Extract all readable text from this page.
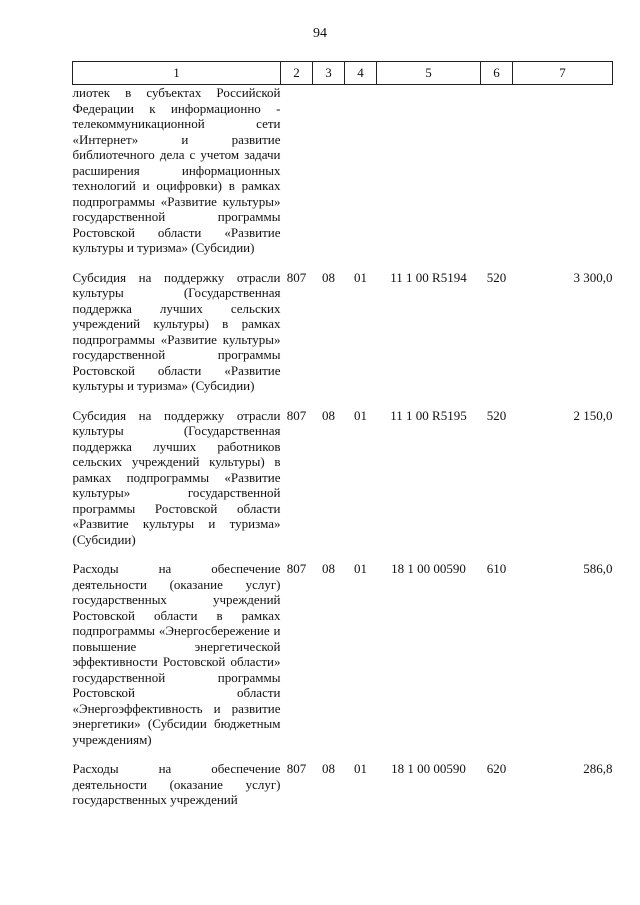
94
1	2	3	4	5	6	7
лиотек в субъектах Российской Федерации к информационно - телекоммуникационной сети «Интернет» и развитие библиотечного дела с учетом задачи расширения информационных технологий и оцифровки) в рамках подпрограммы «Развитие культуры» государственной программы Ростовской области «Развитие культуры и туризма» (Субсидии)						

Субсидия на поддержку отрасли культуры (Государственная поддержка лучших сельских учреждений культуры) в рамках подпрограммы «Развитие культуры» государственной программы Ростовской области «Развитие культуры и туризма» (Субсидии)	807	08	01	11 1 00 R5194	520	3 300,0

Субсидия на поддержку отрасли культуры (Государственная поддержка лучших работников сельских учреждений культуры) в рамках подпрограммы «Развитие культуры» государственной программы Ростовской области «Развитие культуры и туризма» (Субсидии)	807	08	01	11 1 00 R5195	520	2 150,0

Расходы на обеспечение деятельности (оказание услуг) государственных учреждений Ростовской области в рамках подпрограммы «Энергосбережение и повышение энергетической эффективности Ростовской области» государственной программы Ростовской области «Энергоэффективность и развитие энергетики» (Субсидии бюджетным учреждениям)	807	08	01	18 1 00 00590	610	586,0

Расходы на обеспечение деятельности (оказание услуг) государственных учреждений	807	08	01	18 1 00 00590	620	286,8
